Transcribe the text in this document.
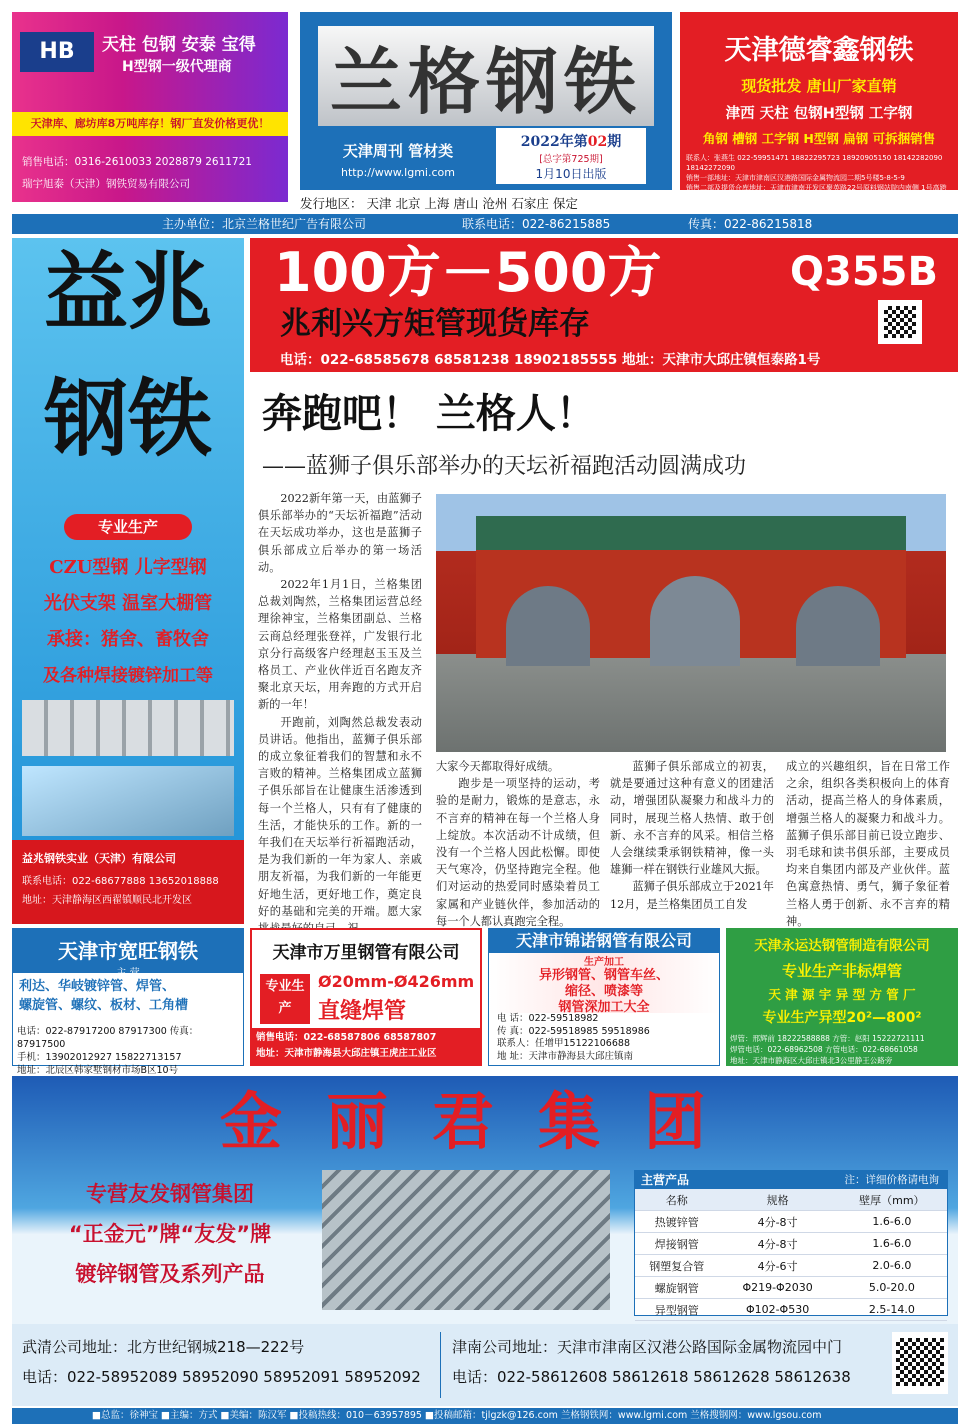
HB	天柱 包钢 安泰 宝得
H型钢一级代理商
天津库、廊坊库8万吨库存！钢厂直发价格更优！
销售电话：0316-2610033 2028879 2611721
瑞宇旭泰（天津）钢铁贸易有限公司
兰格钢铁
天津周刊 管材类
http://www.lgmi.com
2022年第02期
[总字第725期]
1月10日出版
天津德睿鑫钢铁
现货批发 唐山厂家直销
津西 天柱 包钢H型钢 工字钢
角钢 槽钢 工字钢 H型钢 扁钢 可拆捆销售
联系人：张燕生 022-59951471 18822295723 18920905150 18142282090 18142272090
销售一部地址：天津市津南区汉港路国际金属物流园二期5号楼5-8-5-9
销售二部及提货仓库地址：天津市津南开发区聚英路22号原料钢站院内南侧 1号高跨大棚室内库
发行地区： 天津 北京 上海 唐山 沧州 石家庄 保定
主办单位：北京兰格世纪广告有限公司	联系电话：022-86215885	传真：022-86215818
益兆
钢铁
专业生产
CZU型钢 儿字型钢
光伏支架 温室大棚管
承接：猪舍、畜牧舍
及各种焊接镀锌加工等
益兆钢铁实业（天津）有限公司
联系电话：022-68677888 13652018888
地址：天津静海区西翟镇顺民北开发区
100方－500方	Q355B
兆利兴方矩管现货库存
电话：022-68585678 68581238 18902185555 地址：天津市大邱庄镇恒泰路1号
奔跑吧！ 兰格人！
——蓝狮子俱乐部举办的天坛祈福跑活动圆满成功

2022新年第一天，由蓝狮子俱乐部举办的“天坛祈福跑”活动在天坛成功举办，这也是蓝狮子俱乐部成立后举办的第一场活动。

2022年1月1日，兰格集团总裁刘陶然，兰格集团运营总经理徐神宝，兰格集团副总、兰格云商总经理张登祥，广发银行北京分行高级客户经理赵玉玉及兰格员工、产业伙伴近百名跑友齐聚北京天坛，用奔跑的方式开启新的一年！

开跑前，刘陶然总裁发表动员讲话。他指出，蓝狮子俱乐部的成立象征着我们的智慧和永不言败的精神。兰格集团成立蓝狮子俱乐部旨在让健康生活渗透到每一个兰格人，只有有了健康的生活，才能快乐的工作。新的一年我们在天坛举行祈福跑活动，是为我们新的一年为家人、亲戚朋友祈福，为我们新的一年能更好地生活，更好地工作，奠定良好的基础和完美的开端。愿大家

大家今天都取得好成绩。

跑步是一项坚持的运动，考验的是耐力，锻炼的是意志，永不言弃的精神在每一个兰格人身上绽放。本次活动不计成绩，但没有一个兰格人因此松懈。即使天气寒冷，仍坚持跑完全程。他们对运动的热爱同时感染着员工家属和产业链伙伴，参加活动的每一个人都认真跑完全程。

蓝狮子俱乐部成立的初衷，就是要通过这种有意义的团建活动，增强团队凝聚力和战斗力的同时，展现兰格人热情、敢于创新、永不言弃的风采。相信兰格人会继续秉承钢铁精神，像一头雄狮一样在钢铁行业雄风大振。

蓝狮子俱乐部成立于2021年12月，是兰格集团员工自发

成立的兴趣组织，旨在日常工作之余，组织各类积极向上的体育活动，提高兰格人的身体素质，增强兰格人的凝聚力和战斗力。蓝狮子俱乐部目前已设立跑步、羽毛球和读书俱乐部，主要成员均来自集团内部及产业伙伴。蓝色寓意热情、勇气，狮子象征着兰格人勇于创新、永不言弃的精神。

天津市宽旺钢铁
利达、华岐镀锌管、焊管、
螺旋管、螺纹、板材、工角槽
电话：022-87917200 87917300 传真：87917500
手机：13902012927 15822713157
地址：北辰区韩家墅钢材市场B区10号
天津市万里钢管有限公司
专业生产
Ø20mm-Ø426mm
直缝焊管
销售电话：022-68587806 68587807
地址：天津市静海县大邱庄镇王虎庄工业区
天津市锦诺钢管有限公司
生产加工
异形钢管、钢管车丝、
缩径、喷漆等
钢管深加工大全
电 话：022-59518982
传 真：022-59518985 59518986
联系人：任增甲15122106688
地 址：天津市静海县大邱庄镇南
天津永运达钢管制造有限公司
专业生产非标焊管
天 津 源 宇 异 型 方 管 厂
专业生产异型20²—800²
焊管：邢辉前 18222588888 方管：赵阳 15222721111
焊管电话：022-68962508 方管电话：022-68661058
地址：天津市静海区大邱庄镇北3公里静王公路旁
金丽君集团
专营友发钢管集团
“正金元”牌“友发”牌
镀锌钢管及系列产品
主营产品	注：详细价格请电询
名称	规格	壁厚（mm）
热镀锌管	4分-8寸	1.6-6.0
焊接钢管	4分-8寸	1.6-6.0
钢塑复合管	4分-6寸	2.0-6.0
螺旋钢管	Φ219-Φ2030	5.0-20.0
异型钢管	Φ102-Φ530	2.5-14.0

武清公司地址：北方世纪钢城218—222号
电话：022-58952089 58952090 58952091 58952092
津南公司地址：天津市津南区汉港公路国际金属物流园中门
电话：022-58612608 58612618 58612628 58612638
■总监：徐神宝 ■主编：方式 ■美编：陈汉军 ■投稿热线：010－63957895 ■投稿邮箱：tjlgzk@126.com 兰格钢铁网：www.lgmi.com 兰格搜钢网：www.lgsou.com
